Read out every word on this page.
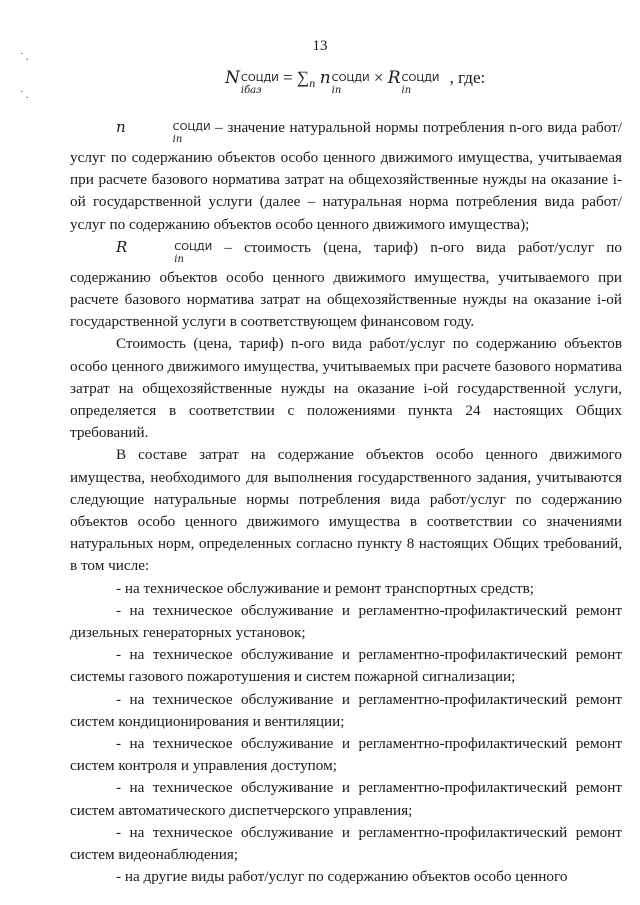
˙ .
˙ .
13
N СОЦДИ
iбаз
= $\sum_n$ n СОЦДИ
in
× R СОЦДИ
in
, где:

n	СОЦДИ
in
– значение натуральной нормы потребления n-ого вида работ/услуг по содержанию объектов особо ценного движимого имущества, учитываемая при расчете базового норматива затрат на общехозяйственные нужды на оказание i-ой государственной услуги (далее – натуральная норма потребления вида работ/услуг по содержанию объектов особо ценного движимого имущества);

R	СОЦДИ
in
– стоимость (цена, тариф) n-ого вида работ/услуг по содержанию объектов особо ценного движимого имущества, учитываемого при расчете базового норматива затрат на общехозяйственные нужды на оказание i-ой государственной услуги в соответствующем финансовом году.

Стоимость (цена, тариф) n-ого вида работ/услуг по содержанию объектов особо ценного движимого имущества, учитываемых при расчете базового норматива затрат на общехозяйственные нужды на оказание i-ой государственной услуги, определяется в соответствии с положениями пункта 24 настоящих Общих требований.

В составе затрат на содержание объектов особо ценного движимого имущества, необходимого для выполнения государственного задания, учитываются следующие натуральные нормы потребления вида работ/услуг по содержанию объектов особо ценного движимого имущества в соответствии со значениями натуральных норм, определенных согласно пункту 8 настоящих Общих требований, в том числе:

- на техническое обслуживание и ремонт транспортных средств;

- на техническое обслуживание и регламентно-профилактический ремонт дизельных генераторных установок;

- на техническое обслуживание и регламентно-профилактический ремонт системы газового пожаротушения и систем пожарной сигнализации;

- на техническое обслуживание и регламентно-профилактический ремонт систем кондиционирования и вентиляции;

- на техническое обслуживание и регламентно-профилактический ремонт систем контроля и управления доступом;

- на техническое обслуживание и регламентно-профилактический ремонт систем автоматического диспетчерского управления;

- на техническое обслуживание и регламентно-профилактический ремонт систем видеонаблюдения;

- на другие виды работ/услуг по содержанию объектов особо ценного
